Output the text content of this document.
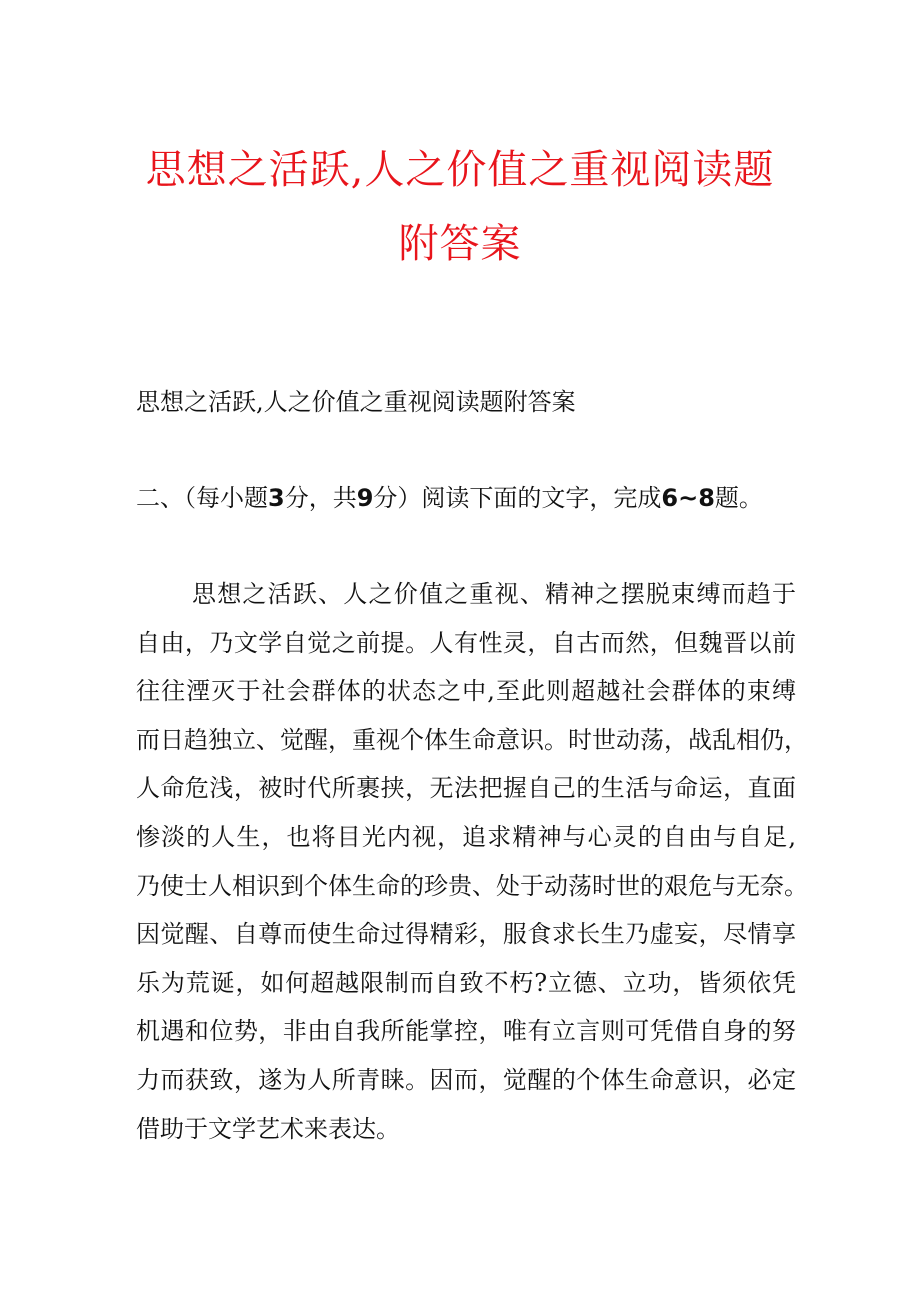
思想之活跃,人之价值之重视阅读题
附答案
思想之活跃,人之价值之重视阅读题附答案
二、（每小题3分，共9分）阅读下面的文字，完成6~8题。
思想之活跃、人之价值之重视、精神之摆脱束缚而趋于
自由，乃文学自觉之前提。人有性灵，自古而然，但魏晋以前
往往湮灭于社会群体的状态之中,至此则超越社会群体的束缚
而日趋独立、觉醒，重视个体生命意识。时世动荡，战乱相仍，
人命危浅，被时代所裹挟，无法把握自己的生活与命运，直面
惨淡的人生，也将目光内视，追求精神与心灵的自由与自足,
乃使士人相识到个体生命的珍贵、处于动荡时世的艰危与无奈。
因觉醒、自尊而使生命过得精彩，服食求长生乃虚妄，尽情享
乐为荒诞，如何超越限制而自致不朽?立德、立功，皆须依凭
机遇和位势，非由自我所能掌控，唯有立言则可凭借自身的努
力而获致，遂为人所青睐。因而，觉醒的个体生命意识，必定
借助于文学艺术来表达。
